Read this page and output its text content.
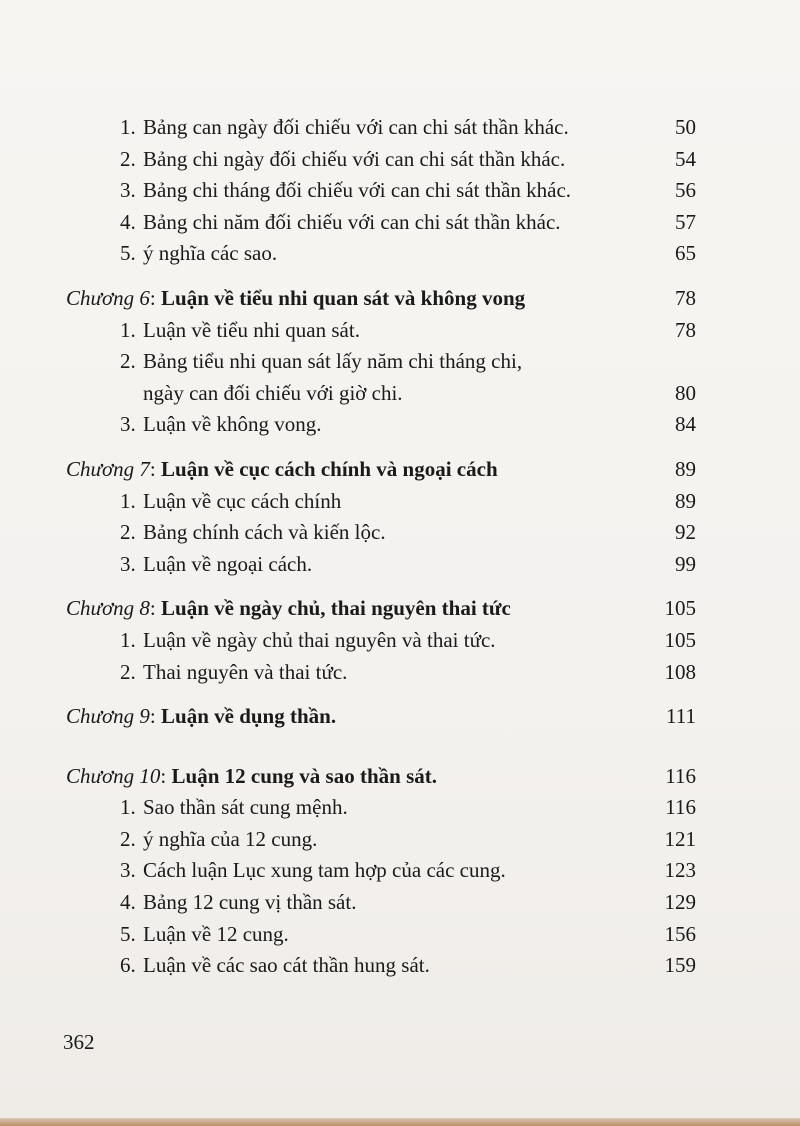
1. Bảng can ngày đối chiếu với can chi sát thần khác.	50
2. Bảng chi ngày đối chiếu với can chi sát thần khác.	54
3. Bảng chi tháng đối chiếu với can chi sát thần khác.	56
4. Bảng chi năm đối chiếu với can chi sát thần khác.	57
5. ý nghĩa các sao.	65
Chương 6: Luận về tiểu nhi quan sát và không vong	78
1. Luận về tiểu nhi quan sát.	78
2. Bảng tiểu nhi quan sát lấy năm chi tháng chi,
ngày can đối chiếu với giờ chi.	80
3. Luận về không vong.	84
Chương 7: Luận về cục cách chính và ngoại cách	89
1. Luận về cục cách chính	89
2. Bảng chính cách và kiến lộc.	92
3. Luận về ngoại cách.	99
Chương 8: Luận về ngày chủ, thai nguyên thai tức	105
1. Luận về ngày chủ thai nguyên và thai tức.	105
2. Thai nguyên và thai tức.	108
Chương 9: Luận về dụng thần.	111
Chương 10: Luận 12 cung và sao thần sát.	116
1. Sao thần sát cung mệnh.	116
2. ý nghĩa của 12 cung.	121
3. Cách luận Lục xung tam hợp của các cung.	123
4. Bảng 12 cung vị thần sát.	129
5. Luận về 12 cung.	156
6. Luận về các sao cát thần hung sát.	159
362
